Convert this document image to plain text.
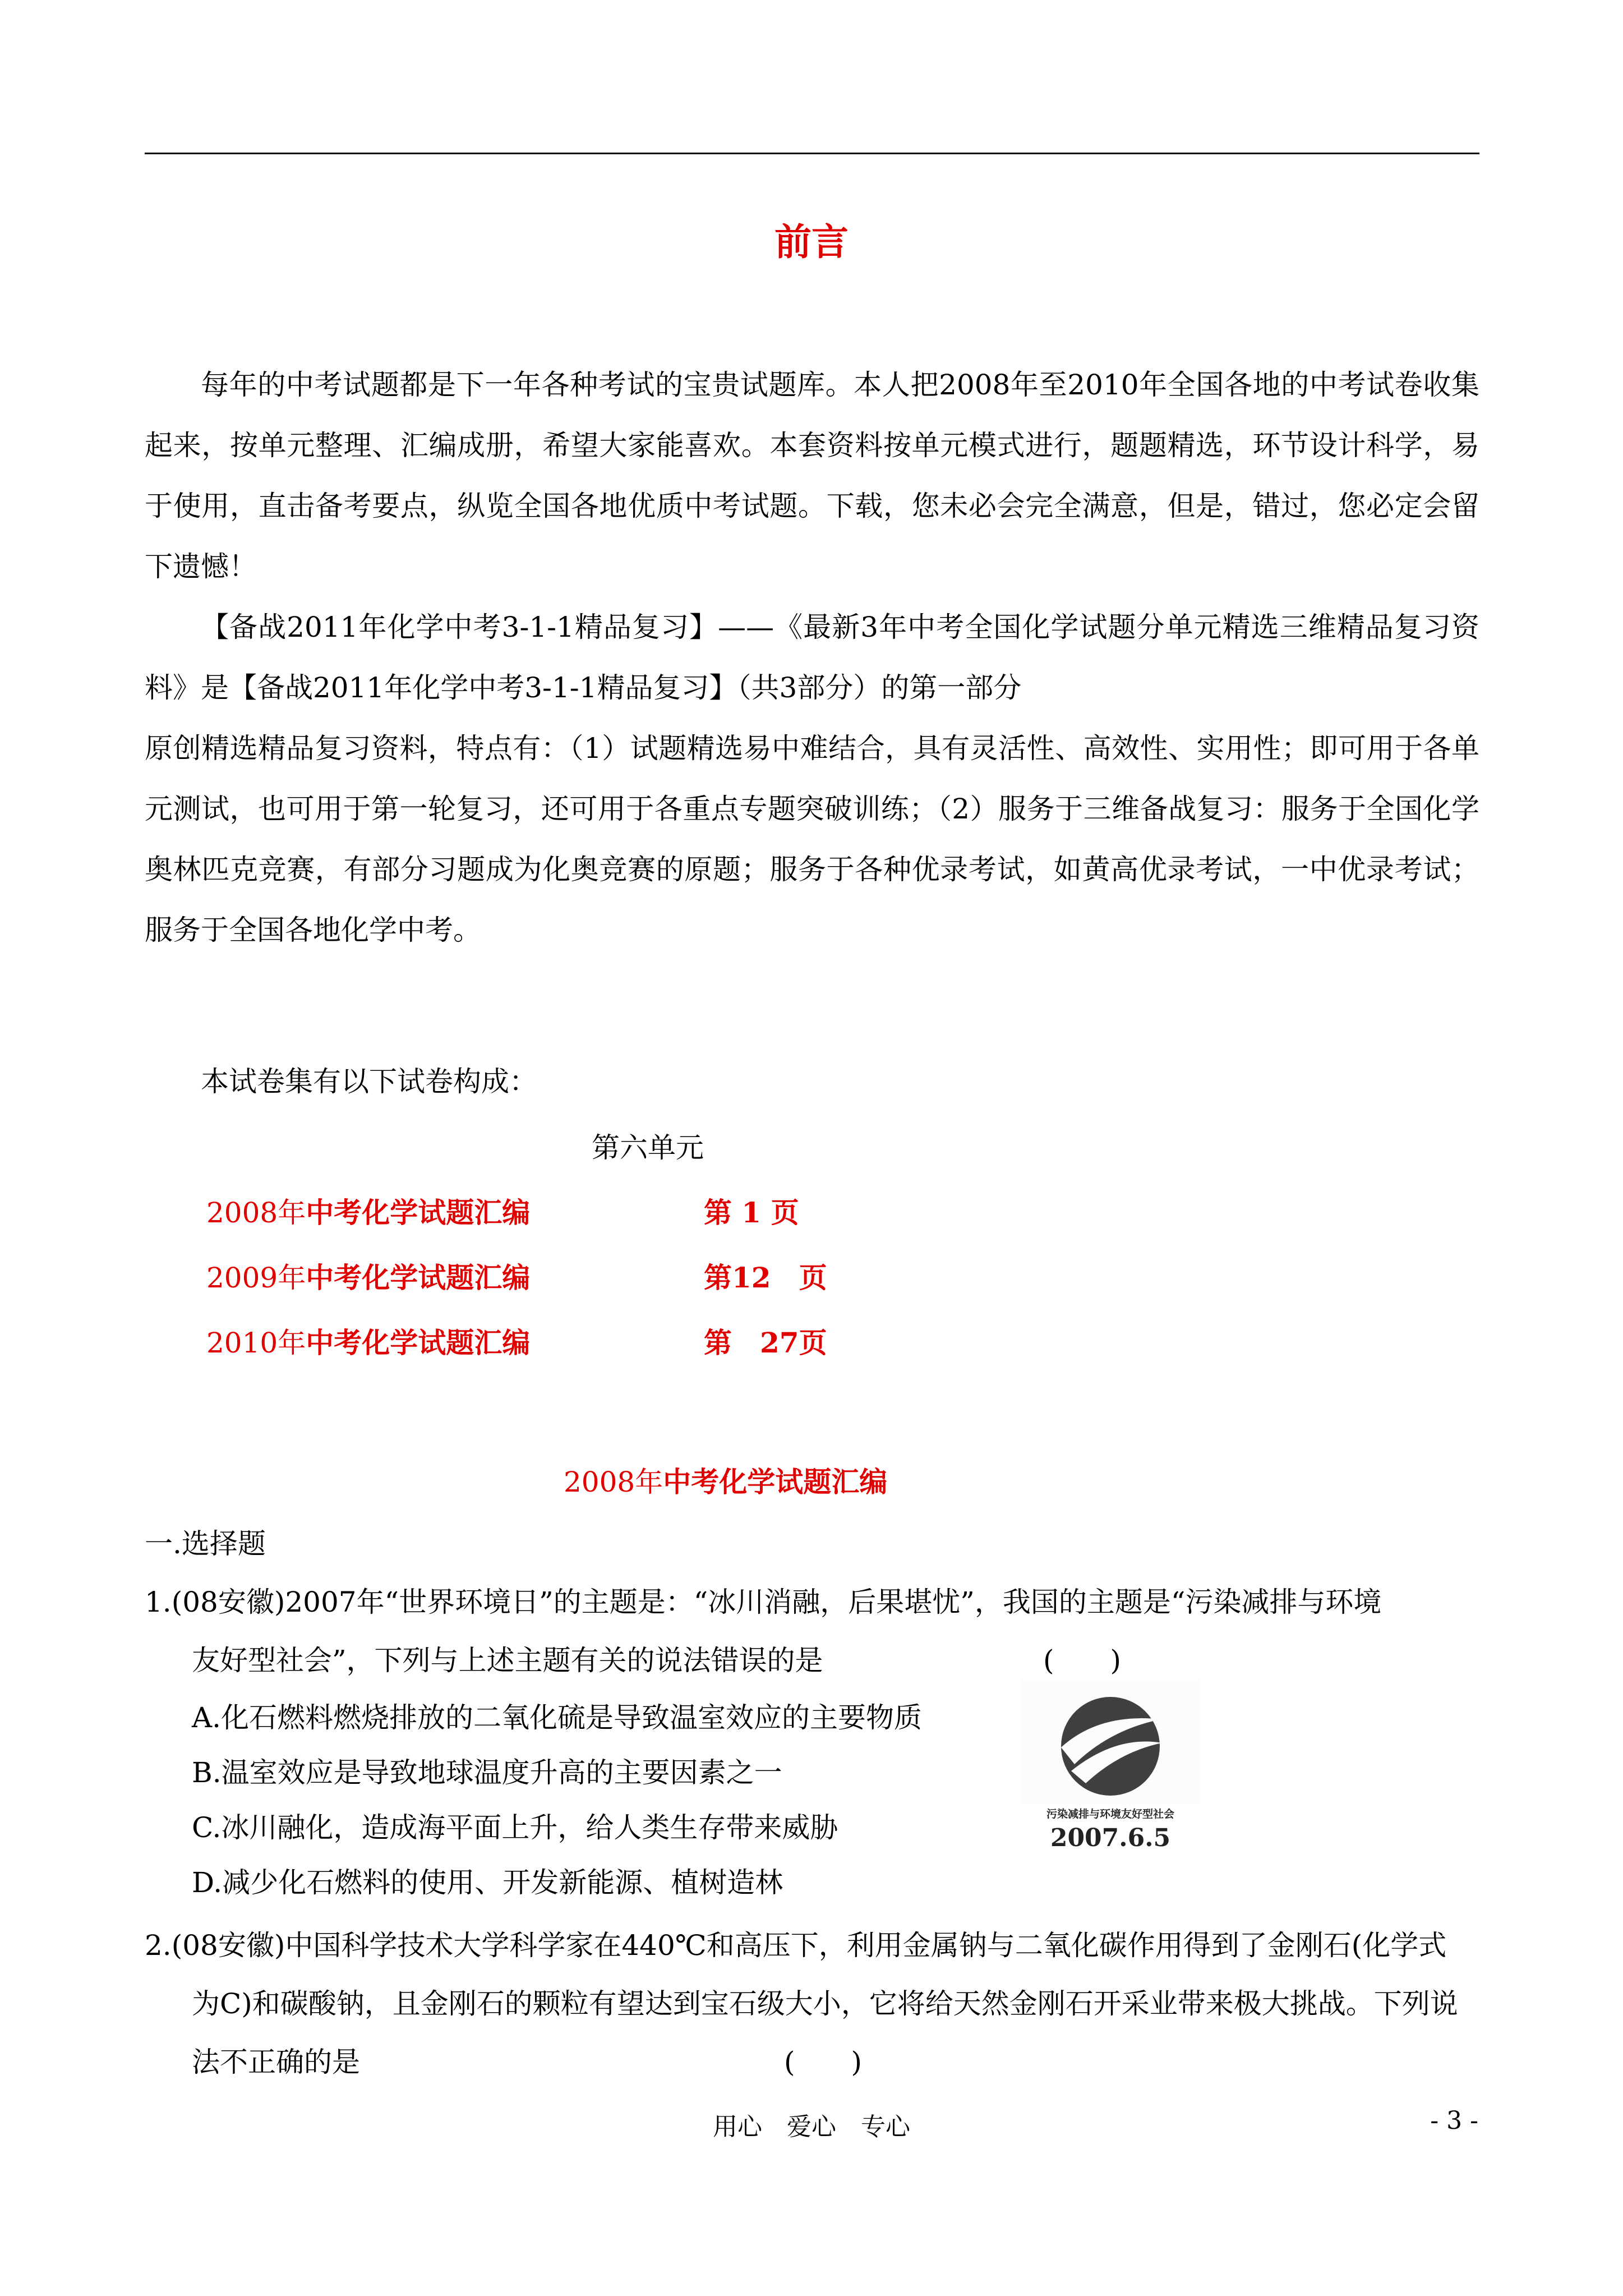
前言
每年的中考试题都是下一年各种考试的宝贵试题库。本人把2008年至2010年全国各地的中考试卷收集起来，按单元整理、汇编成册，希望大家能喜欢。本套资料按单元模式进行，题题精选，环节设计科学，易于使用，直击备考要点，纵览全国各地优质中考试题。下载，您未必会完全满意，但是，错过，您必定会留下遗憾！
【备战2011年化学中考3-1-1精品复习】——《最新3年中考全国化学试题分单元精选三维精品复习资料》是【备战2011年化学中考3-1-1精品复习】（共3部分）的第一部分
原创精选精品复习资料，特点有：（1）试题精选易中难结合，具有灵活性、高效性、实用性；即可用于各单元测试，也可用于第一轮复习，还可用于各重点专题突破训练；（2）服务于三维备战复习：服务于全国化学奥林匹克竞赛，有部分习题成为化奥竞赛的原题；服务于各种优录考试，如黄高优录考试，一中优录考试；服务于全国各地化学中考。
本试卷集有以下试卷构成：
第六单元
2008年中考化学试题汇编	第 1 页
2009年中考化学试题汇编	第12　页
2010年中考化学试题汇编	第　27页
2008年中考化学试题汇编
一.选择题
1.(08安徽)2007年“世界环境日”的主题是：“冰川消融，后果堪忧”，我国的主题是“污染减排与环境
友好型社会”，下列与上述主题有关的说法错误的是	(　　)
A.化石燃料燃烧排放的二氧化硫是导致温室效应的主要物质
B.温室效应是导致地球温度升高的主要因素之一
C.冰川融化，造成海平面上升，给人类生存带来威胁
D.减少化石燃料的使用、开发新能源、植树造林
污染减排与环境友好型社会
2007.6.5
2.(08安徽)中国科学技术大学科学家在440℃和高压下，利用金属钠与二氧化碳作用得到了金刚石(化学式
为C)和碳酸钠，且金刚石的颗粒有望达到宝石级大小，它将给天然金刚石开采业带来极大挑战。下列说
法不正确的是	(　　)
用心　爱心　专心	- 3 -
